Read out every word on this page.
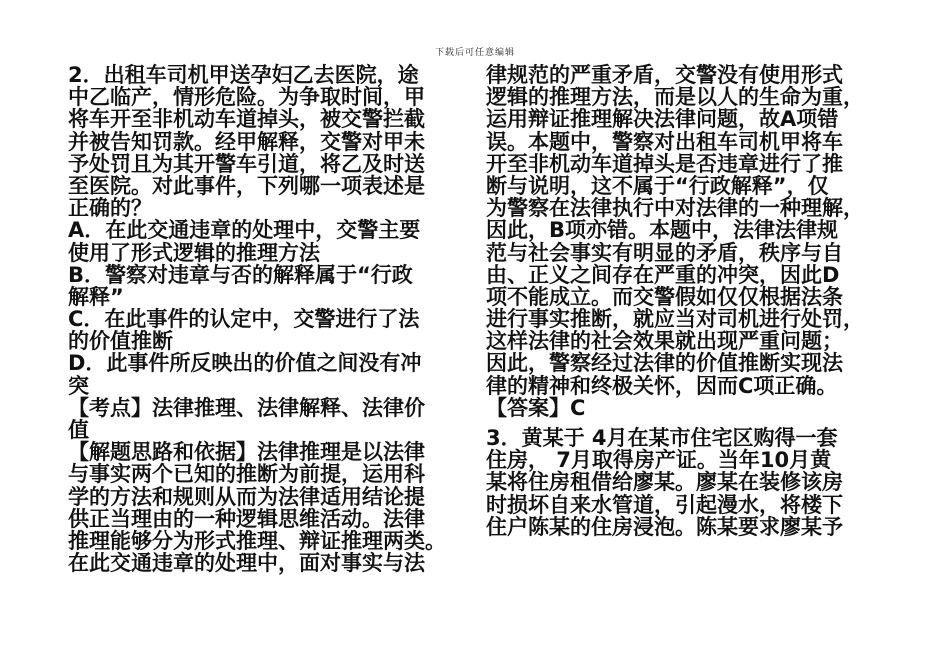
下载后可任意编辑
2．出租车司机甲送孕妇乙去医院，途
中乙临产，情形危险。为争取时间，甲
将车开至非机动车道掉头，被交警拦截
并被告知罚款。经甲解释，交警对甲未
予处罚且为其开警车引道，将乙及时送
至医院。对此事件，下列哪一项表述是
正确的？
A．在此交通违章的处理中，交警主要
使用了形式逻辑的推理方法
B．警察对违章与否的解释属于“行政
解释”
C．在此事件的认定中，交警进行了法
的价值推断
D．此事件所反映出的价值之间没有冲
突
【考点】法律推理、法律解释、法律价
值
【解题思路和依据】法律推理是以法律
与事实两个已知的推断为前提，运用科
学的方法和规则从而为法律适用结论提
供正当理由的一种逻辑思维活动。法律
推理能够分为形式推理、辩证推理两类。
在此交通违章的处理中，面对事实与法
律规范的严重矛盾，交警没有使用形式
逻辑的推理方法，而是以人的生命为重，
运用辩证推理解决法律问题，故A项错
误。本题中，警察对出租车司机甲将车
开至非机动车道掉头是否违章进行了推
断与说明，这不属于“行政解释”，仅
为警察在法律执行中对法律的一种理解，
因此，B项亦错。本题中，法律法律规
范与社会事实有明显的矛盾，秩序与自
由、正义之间存在严重的冲突，因此D
项不能成立。而交警假如仅仅根据法条
进行事实推断，就应当对司机进行处罚，
这样法律的社会效果就出现严重问题；
因此，警察经过法律的价值推断实现法
律的精神和终极关怀，因而C项正确。
【答案】C
3．黄某于 4月在某市住宅区购得一套
住房， 7月取得房产证。当年10月黄
某将住房租借给廖某。廖某在装修该房
时损坏自来水管道，引起漫水，将楼下
住户陈某的住房浸泡。陈某要求廖某予
